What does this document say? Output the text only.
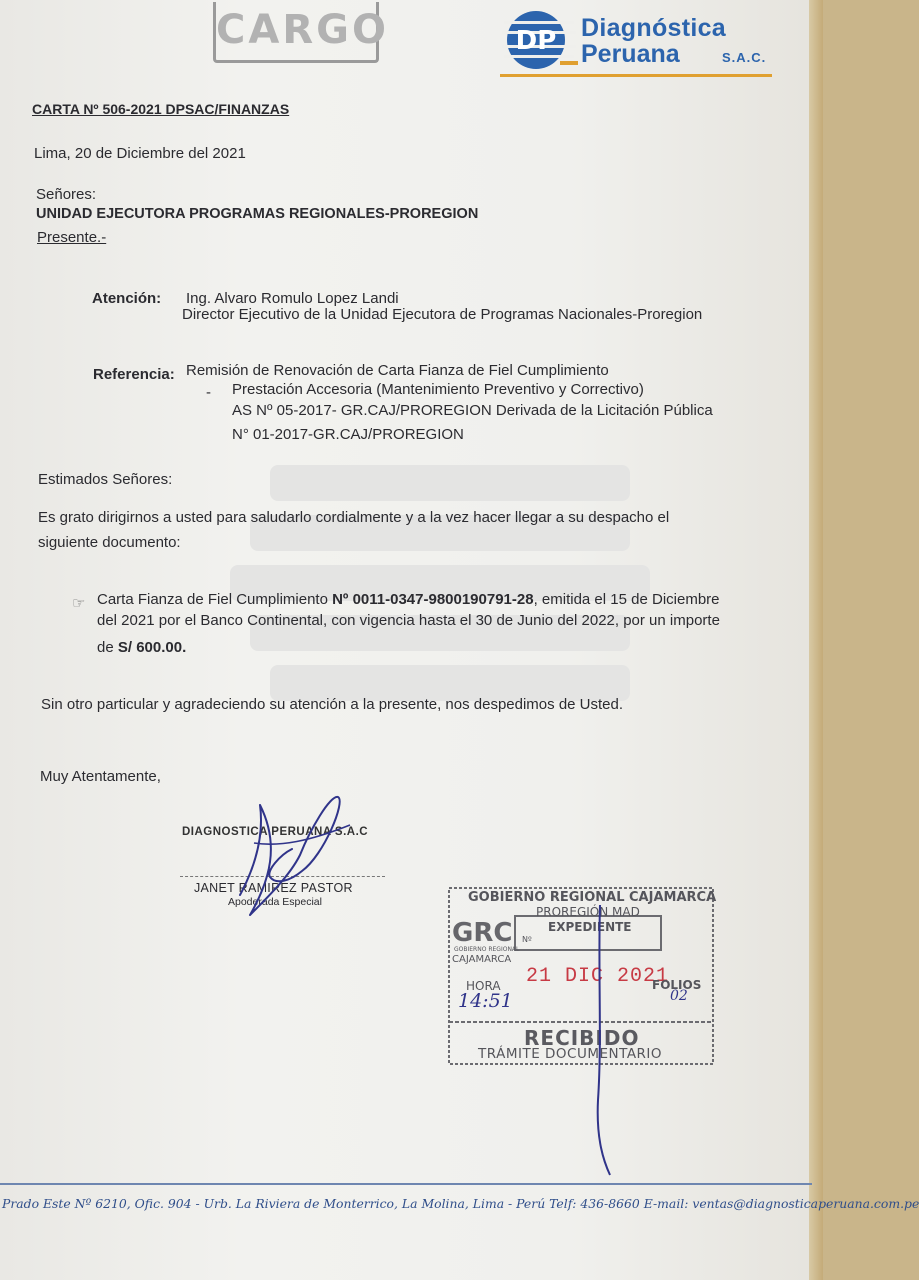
CARGO	DP Diagnóstica
Peruana	S.A.C.
CARTA Nº 506-2021 DPSAC/FINANZAS
Lima, 20 de Diciembre del 2021
Señores:
UNIDAD EJECUTORA PROGRAMAS REGIONALES-PROREGION
Presente.-
Atención: Ing. Alvaro Romulo Lopez Landi
Director Ejecutivo de la Unidad Ejecutora de Programas Nacionales-Proregion
Referencia: Remisión de Renovación de Carta Fianza de Fiel Cumplimiento
- Prestación Accesoria (Mantenimiento Preventivo y Correctivo)
AS Nº 05-2017- GR.CAJ/PROREGION Derivada de la Licitación Pública
N° 01-2017-GR.CAJ/PROREGION
Estimados Señores:
Es grato dirigirnos a usted para saludarlo cordialmente y a la vez hacer llegar a su despacho el
siguiente documento:
☞ Carta Fianza de Fiel Cumplimiento Nº 0011-0347-9800190791-28, emitida el 15 de Diciembre
del 2021 por el Banco Continental, con vigencia hasta el 30 de Junio del 2022, por un importe
de S/ 600.00.
Sin otro particular y agradeciendo su atención a la presente, nos despedimos de Usted.
Muy Atentamente,
DIAGNOSTICA PERUANA S.A.C
JANET RAMIREZ PASTOR
Apoderada Especial	GOBIERNO REGIONAL CAJAMARCA
PROREGIÓN MAD
GRC
GOBIERNO REGIONAL
CAJAMARCA
Nº
EXPEDIENTE
21 DIC 2021
HORA
14:51
FOLIOS
02
RECIBIDO
TRÁMITE DOCUMENTARIO
Prado Este Nº 6210, Ofic. 904 - Urb. La Riviera de Monterrico, La Molina, Lima - Perú Telf: 436-8660 E-mail: ventas@diagnosticaperuana.com.pe
